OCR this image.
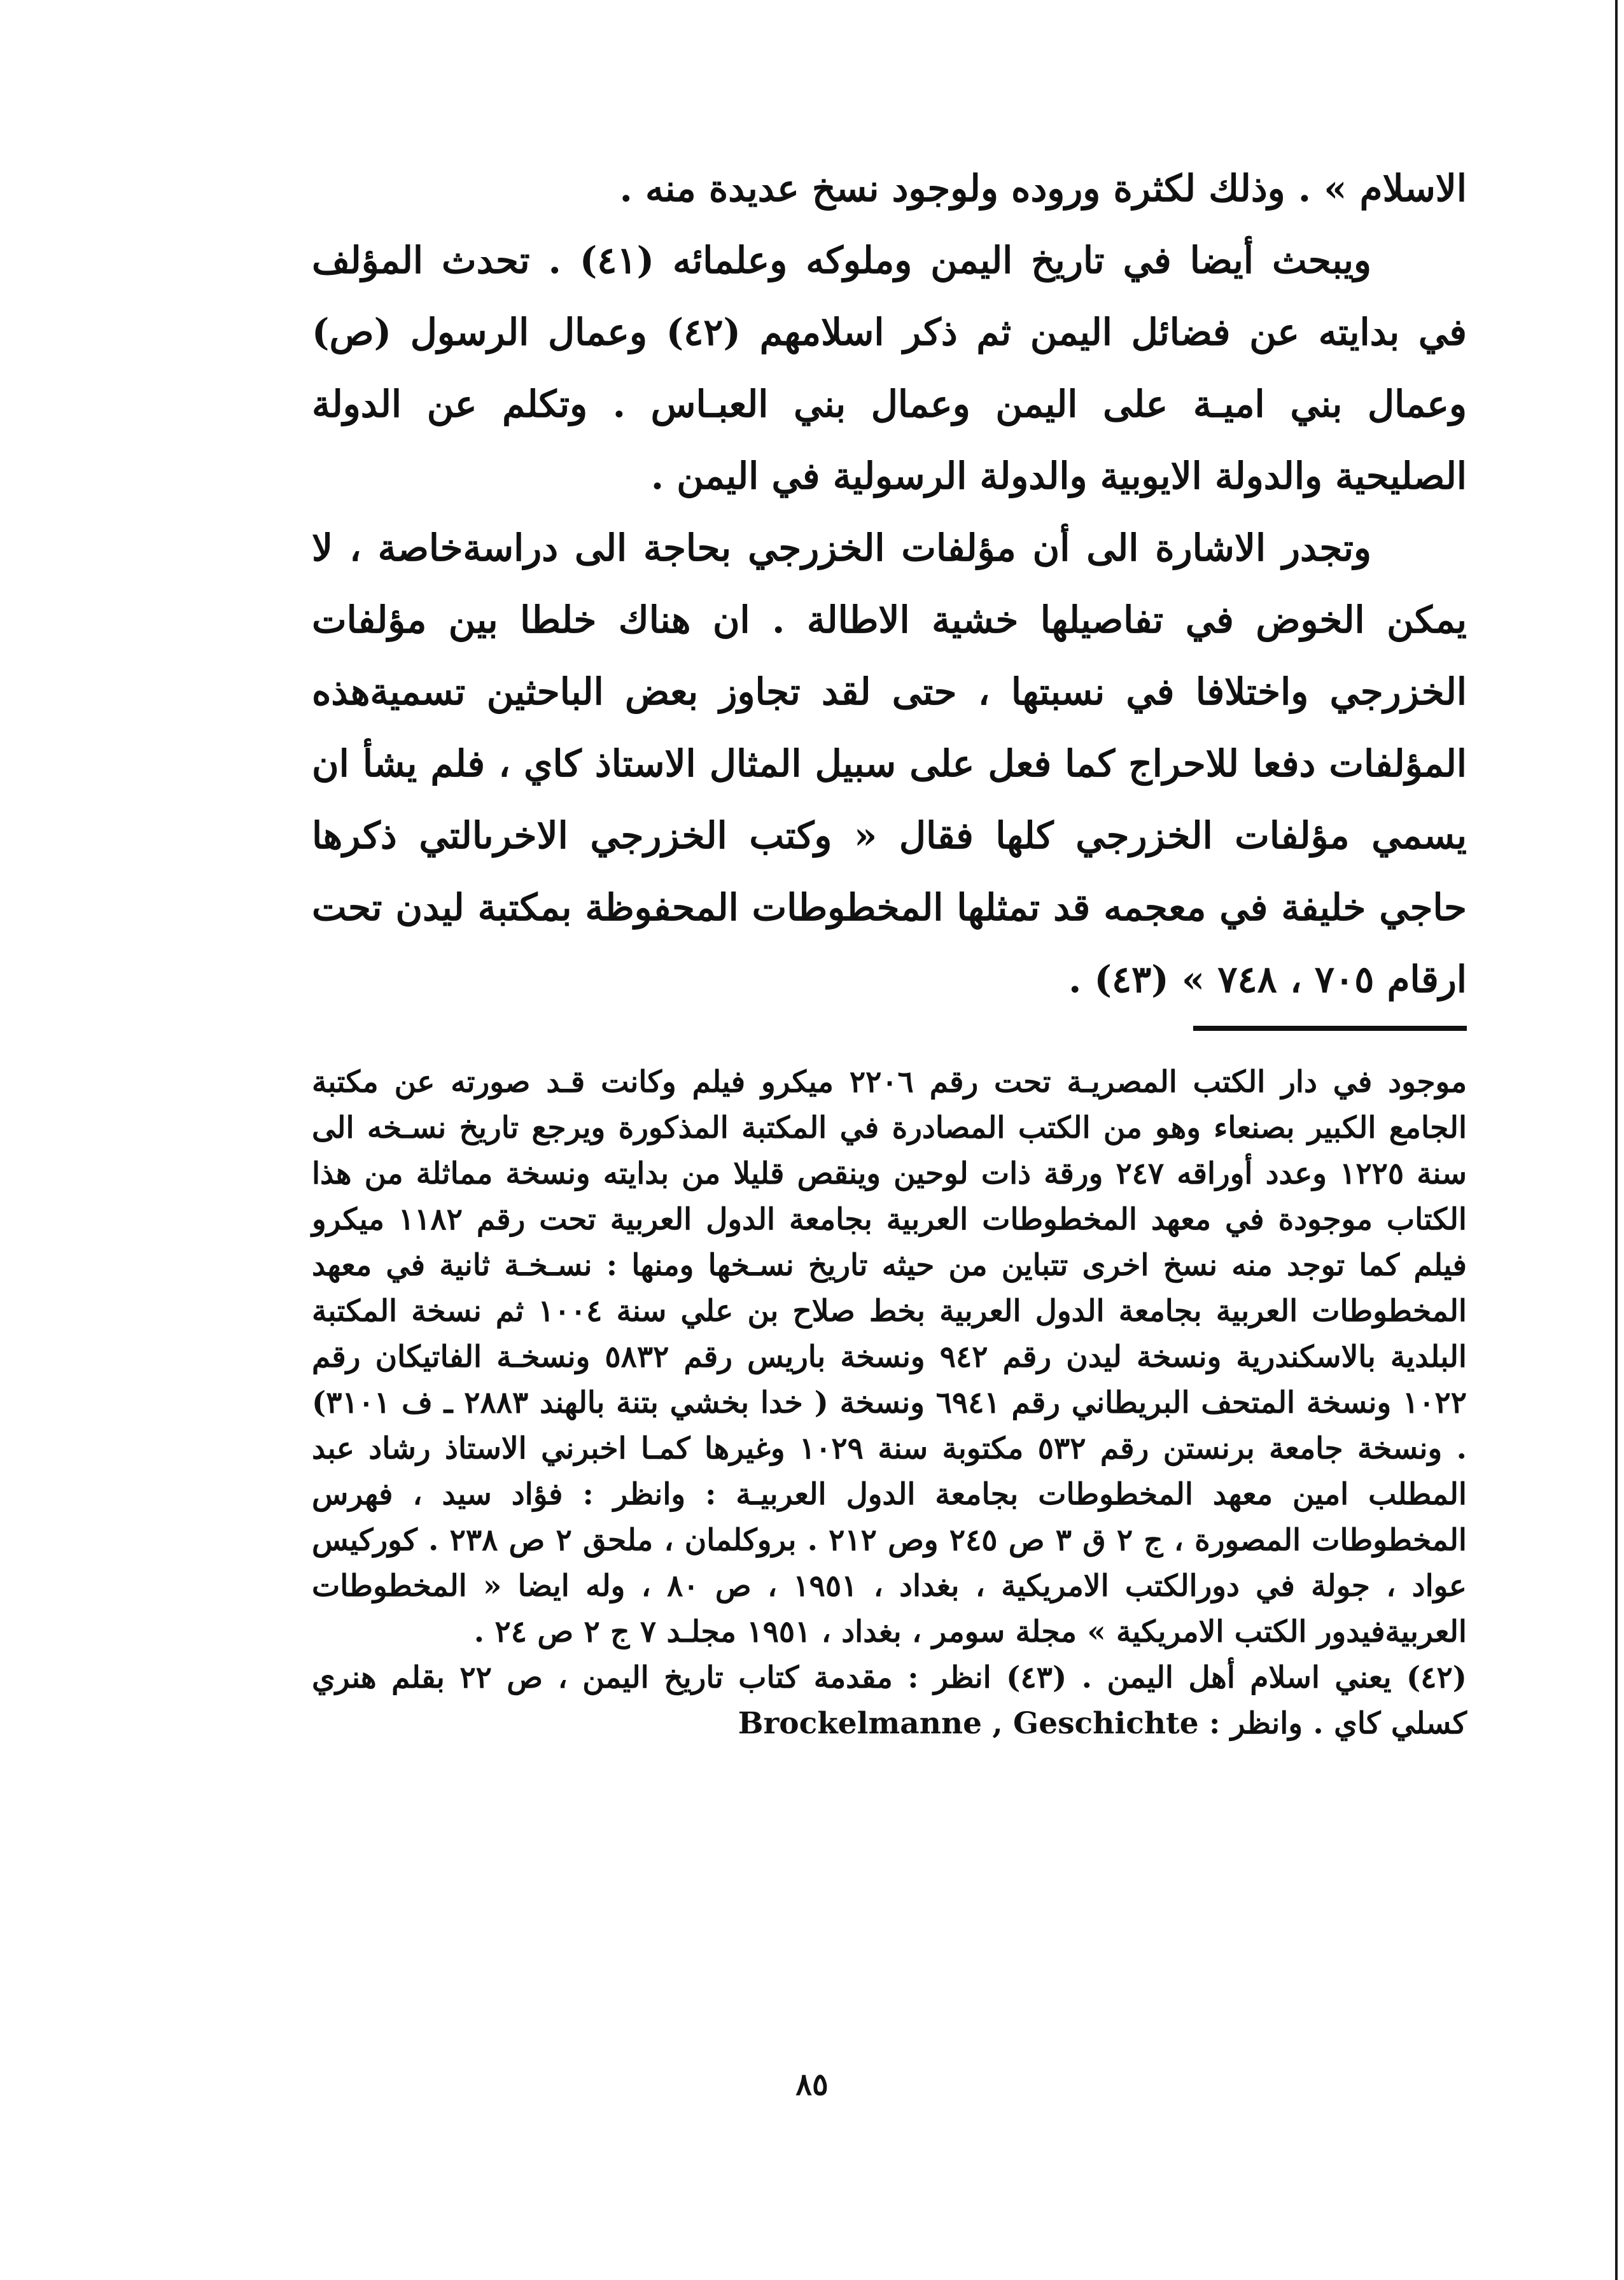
الاسلام » . وذلك لكثرة وروده ولوجود نسخ عديدة منه .

ويبحث أيضا في تاريخ اليمن وملوكه وعلمائه (٤١) . تحدث المؤلف في بدايته عن فضائل اليمن ثم ذكر اسلامهم (٤٢) وعمال الرسول (ص) وعمال بني اميـة على اليمن وعمال بني العبـاس . وتكلم عن الدولة الصليحية والدولة الايوبية والدولة الرسولية في اليمن .

وتجدر الاشارة الى أن مؤلفات الخزرجي بحاجة الى دراسةخاصة ، لا يمكن الخوض في تفاصيلها خشية الاطالة . ان هناك خلطا بين مؤلفات الخزرجي واختلافا في نسبتها ، حتى لقد تجاوز بعض الباحثين تسميةهذه المؤلفات دفعا للاحراج كما فعل على سبيل المثال الاستاذ كاي ، فلم يشأ ان يسمي مؤلفات الخزرجي كلها فقال « وكتب الخزرجي الاخرىالتي ذكرها حاجي خليفة في معجمه قد تمثلها المخطوطات المحفوظة بمكتبة ليدن تحت ارقام ٧٠٥ ، ٧٤٨ » (٤٣) .

موجود في دار الكتب المصريـة تحت رقم ٢٢٠٦ ميكرو فيلم وكانت قـد صورته عن مكتبة الجامع الكبير بصنعاء وهو من الكتب المصادرة في المكتبة المذكورة ويرجع تاريخ نسـخه الى سنة ١٢٢٥ وعدد أوراقه ٢٤٧ ورقة ذات لوحين وينقص قليلا من بدايته ونسخة مماثلة من هذا الكتاب موجودة في معهد المخطوطات العربية بجامعة الدول العربية تحت رقم ١١٨٢ ميكرو فيلم كما توجد منه نسخ اخرى تتباين من حيثه تاريخ نسـخها ومنها : نسـخـة ثانية في معهد المخطوطات العربية بجامعة الدول العربية بخط صلاح بن علي سنة ١٠٠٤ ثم نسخة المكتبة البلدية بالاسكندرية ونسخة ليدن رقم ٩٤٢ ونسخة باريس رقم ٥٨٣٢ ونسخـة الفاتيكان رقم ١٠٢٢ ونسخة المتحف البريطاني رقم ٦٩٤١ ونسخة ( خدا بخشي بتنة بالهند ٢٨٨٣ ـ ف ٣١٠١) . ونسخة جامعة برنستن رقم ٥٣٢ مكتوبة سنة ١٠٢٩ وغيرها كمـا اخبرني الاستاذ رشاد عبد المطلب امين معهد المخطوطات بجامعة الدول العربيـة : وانظر : فؤاد سيد ، فهرس المخطوطات المصورة ، ج ٢ ق ٣ ص ٢٤٥ وص ٢١٢ . بروكلمان ، ملحق ٢ ص ٢٣٨ . كوركيس عواد ، جولة في دورالكتب الامريكية ، بغداد ، ١٩٥١ ، ص ٨٠ ، وله ايضا « المخطوطات العربيةفيدور الكتب الامريكية » مجلة سومر ، بغداد ، ١٩٥١ مجلـد ٧ ج ٢ ص ٢٤ .

(٤٢) يعني اسلام أهل اليمن . (٤٣) انظر : مقدمة كتاب تاريخ اليمن ، ص ٢٢ بقلم هنري كسلي كاي . وانظر : Brockelmanne , Geschichte

٨٥
